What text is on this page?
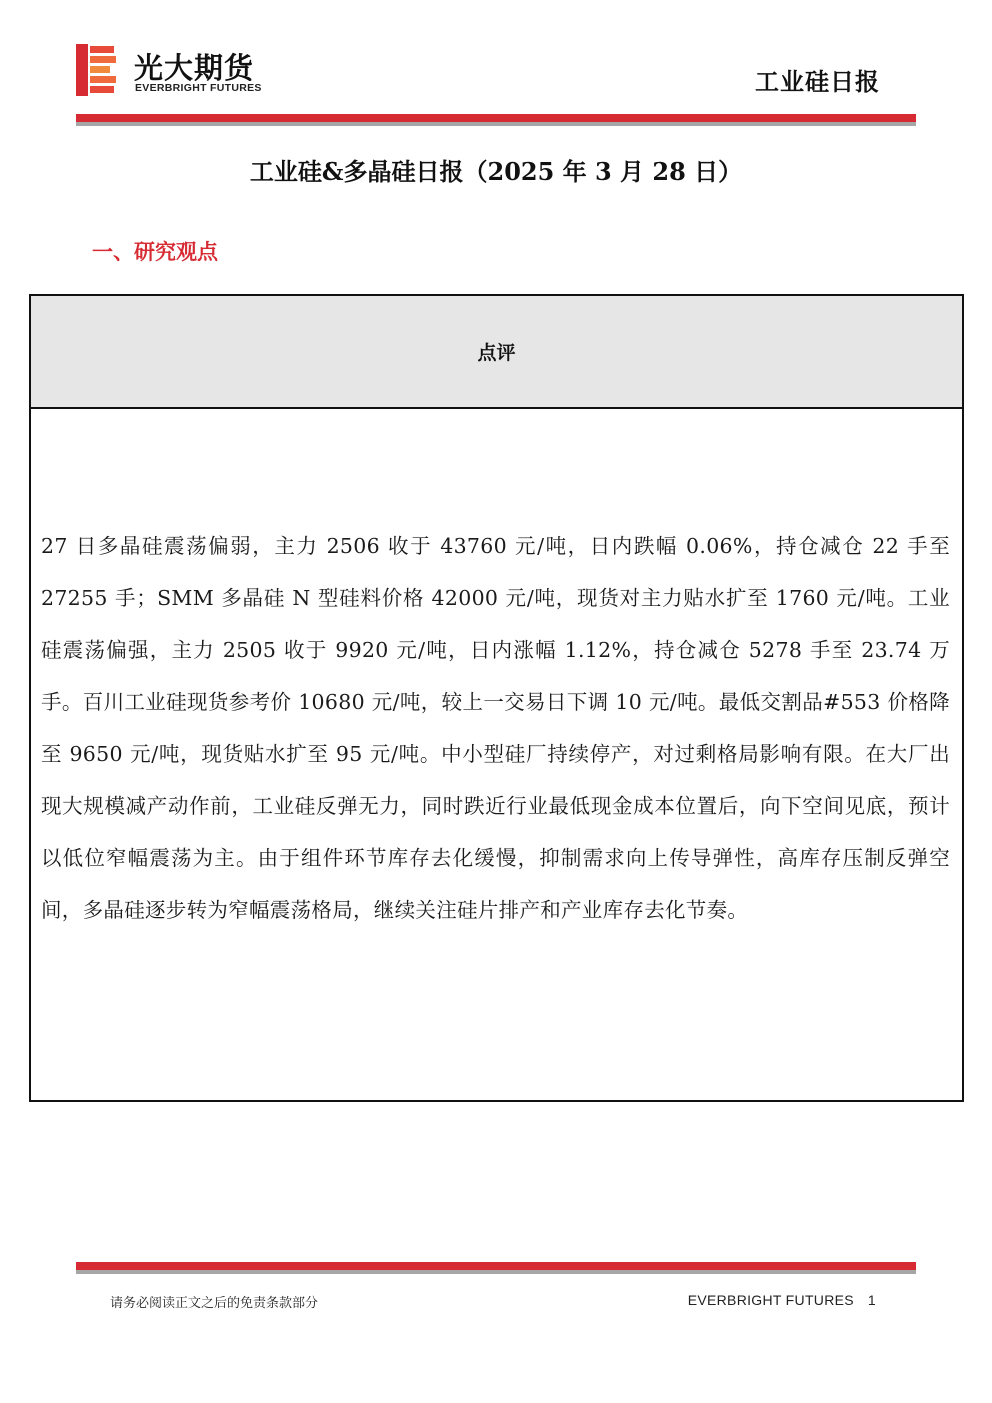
光大期货
EVERBRIGHT FUTURES	工业硅日报
工业硅&多晶硅日报（2025 年 3 月 28 日）
一、研究观点
点评
27 日多晶硅震荡偏弱，主力 2506 收于 43760 元/吨，日内跌幅 0.06%，持仓减仓 22 手至 27255 手；SMM 多晶硅 N 型硅料价格 42000 元/吨，现货对主力贴水扩至 1760 元/吨。工业硅震荡偏强，主力 2505 收于 9920 元/吨，日内涨幅 1.12%，持仓减仓 5278 手至 23.74 万手。百川工业硅现货参考价 10680 元/吨，较上一交易日下调 10 元/吨。最低交割品#553 价格降至 9650 元/吨，现货贴水扩至 95 元/吨。中小型硅厂持续停产，对过剩格局影响有限。在大厂出现大规模减产动作前，工业硅反弹无力，同时跌近行业最低现金成本位置后，向下空间见底，预计以低位窄幅震荡为主。由于组件环节库存去化缓慢，抑制需求向上传导弹性，高库存压制反弹空间，多晶硅逐步转为窄幅震荡格局，继续关注硅片排产和产业库存去化节奏。
请务必阅读正文之后的免责条款部分	EVERBRIGHT FUTURES 1
